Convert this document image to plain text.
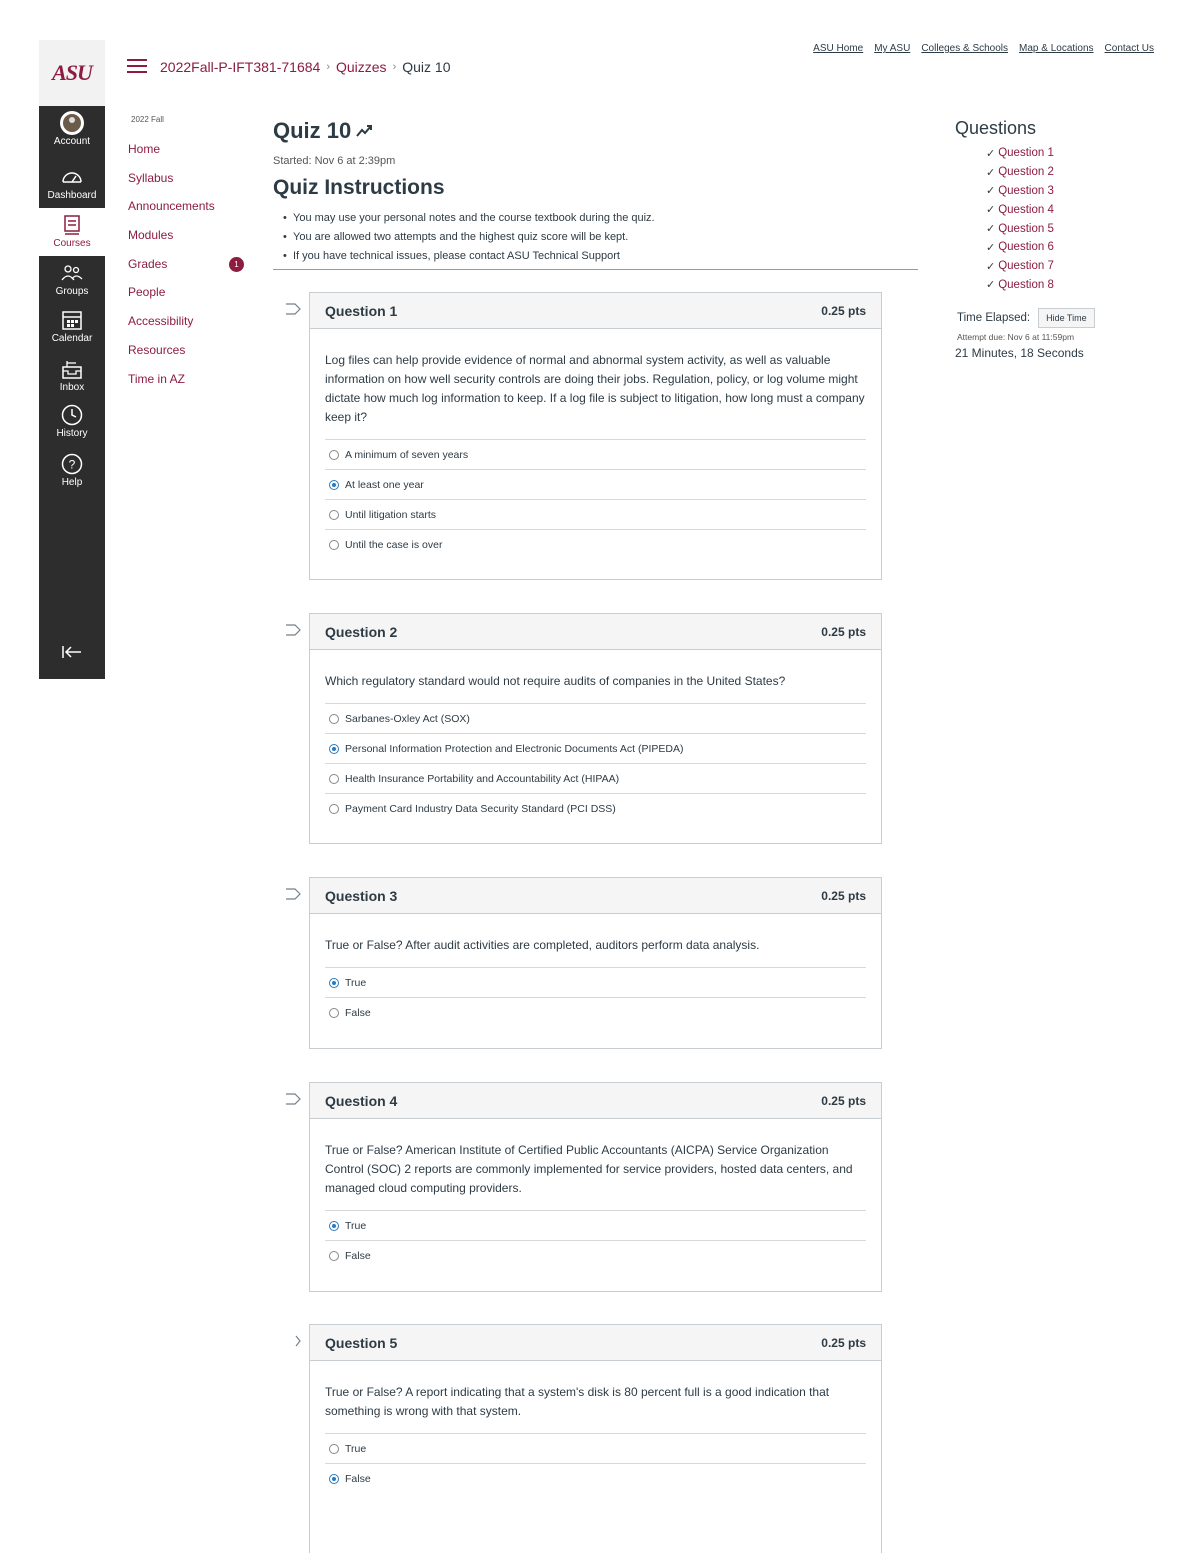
ASU
Account
Dashboard
Courses
Groups
Calendar
Inbox
History
?
Help
ASU Home My ASU Colleges & Schools Map & Locations Contact Us
2022Fall-P-IFT381-71684 › Quizzes › Quiz 10
2022 Fall
Home
Syllabus
Announcements
Modules
Grades	1
People
Accessibility
Resources
Time in AZ
Quiz 10
Started: Nov 6 at 2:39pm
Quiz Instructions
• You may use your personal notes and the course textbook during the quiz.
• You are allowed two attempts and the highest quiz score will be kept.
• If you have technical issues, please contact ASU Technical Support
Question 1	0.25 pts
Log files can help provide evidence of normal and abnormal system activity, as well as valuable information on how well security controls are doing their jobs. Regulation, policy, or log volume might dictate how much log information to keep. If a log file is subject to litigation, how long must a company keep it?
A minimum of seven years
At least one year
Until litigation starts
Until the case is over
Question 2	0.25 pts
Which regulatory standard would not require audits of companies in the United States?
Sarbanes-Oxley Act (SOX)
Personal Information Protection and Electronic Documents Act (PIPEDA)
Health Insurance Portability and Accountability Act (HIPAA)
Payment Card Industry Data Security Standard (PCI DSS)
Question 3	0.25 pts
True or False? After audit activities are completed, auditors perform data analysis.
True
False
Question 4	0.25 pts
True or False? American Institute of Certified Public Accountants (AICPA) Service Organization Control (SOC) 2 reports are commonly implemented for service providers, hosted data centers, and managed cloud computing providers.
True
False
Question 5	0.25 pts
True or False? A report indicating that a system's disk is 80 percent full is a good indication that something is wrong with that system.
True
False
Questions
✓ Question 1
✓ Question 2
✓ Question 3
✓ Question 4
✓ Question 5
✓ Question 6
✓ Question 7
✓ Question 8
Time Elapsed:	Hide Time
Attempt due: Nov 6 at 11:59pm
21 Minutes, 18 Seconds
